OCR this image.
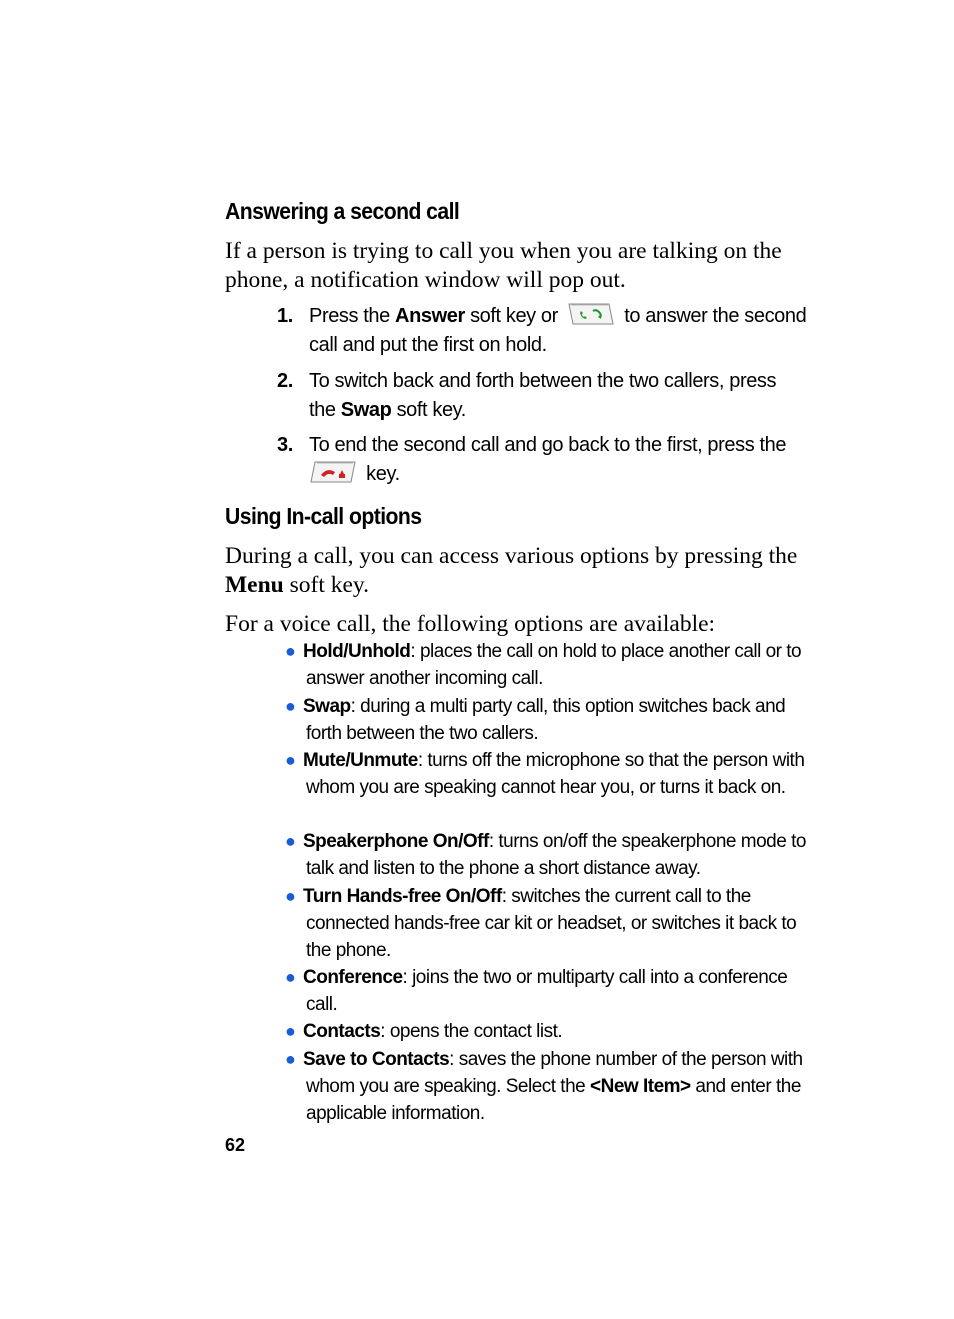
Answering a second call
If a person is trying to call you when you are talking on the phone, a notification window will pop out.
1. Press the Answer soft key or	to answer the second call and put the first on hold.
2. To switch back and forth between the two callers, press the Swap soft key.
3. To end the second call and go back to the first, press the  key.
Using In-call options
During a call, you can access various options by pressing the Menu soft key.
For a voice call, the following options are available:
● Hold/Unhold: places the call on hold to place another call or to answer another incoming call.
● Swap: during a multi party call, this option switches back and forth between the two callers.
● Mute/Unmute: turns off the microphone so that the person with whom you are speaking cannot hear you, or turns it back on.
● Speakerphone On/Off: turns on/off the speakerphone mode to talk and listen to the phone a short distance away.
● Turn Hands-free On/Off: switches the current call to the connected hands-free car kit or headset, or switches it back to the phone.
● Conference: joins the two or multiparty call into a conference call.
● Contacts: opens the contact list.
● Save to Contacts: saves the phone number of the person with whom you are speaking. Select the <New Item> and enter the applicable information.
62
